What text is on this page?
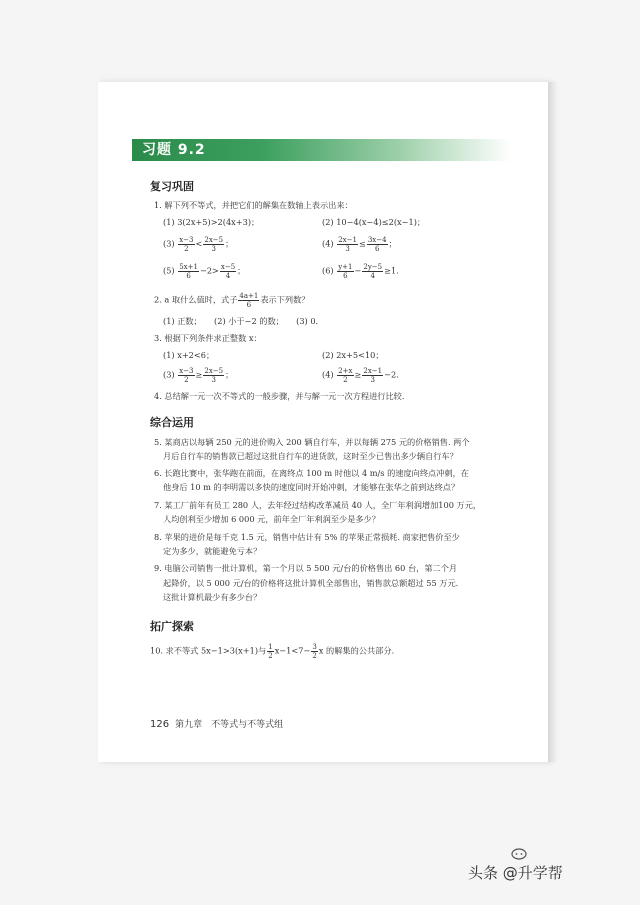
习题 9.2
复习巩固
1. 解下列不等式，并把它们的解集在数轴上表示出来：
(1) 3(2x+5)>2(4x+3)；	(2) 10−4(x−4)≤2(x−1)；
$(3) \frac{x-3}{2} < \frac{2x-5}{3}$ ；	$(4) \frac{2x-1}{3} \le \frac{3x-4}{6}$ ；
$(5) \frac{5x+1}{6} -2> \frac{x-5}{4}$ ；	$(6) \frac{y+1}{6} - \frac{2y-5}{4} \ge 1$.
2. a 取什么值时，式子 $\frac{4a+1}{6}$ 表示下列数？
(1) 正数；　　(2) 小于−2 的数；　　(3) 0.
3. 根据下列条件求正整数 x：
(1) x+2<6；	(2) 2x+5<10；
$(3) \frac{x-3}{2} \ge \frac{2x-5}{3}$ ；	$(4) \frac{2+x}{2} \ge \frac{2x-1}{3} -2$.
4. 总结解一元一次不等式的一般步骤，并与解一元一次方程进行比较.
综合运用
5. 某商店以每辆 250 元的进价购入 200 辆自行车，并以每辆 275 元的价格销售. 两个
月后自行车的销售款已超过这批自行车的进货款，这时至少已售出多少辆自行车？
6. 长跑比赛中，张华跑在前面，在离终点 100 m 时他以 4 m/s 的速度向终点冲刺，在
他身后 10 m 的李明需以多快的速度同时开始冲刺，才能够在张华之前到达终点？
7. 某工厂前年有员工 280 人，去年经过结构改革减员 40 人，全厂年利润增加100 万元，
人均创利至少增加 6 000 元，前年全厂年利润至少是多少？
8. 苹果的进价是每千克 1.5 元，销售中估计有 5% 的苹果正常损耗. 商家把售价至少
定为多少，就能避免亏本？
9. 电脑公司销售一批计算机，第一个月以 5 500 元/台的价格售出 60 台，第二个月
起降价，以 5 000 元/台的价格将这批计算机全部售出，销售款总额超过 55 万元.
这批计算机最少有多少台？
拓广探索
10. 求不等式 5x−1>3(x+1)与 $\frac{1}{2} x-1<7- \frac{3}{2}$ x 的解集的公共部分.
126 第九章　不等式与不等式组
头条 @升学帮
